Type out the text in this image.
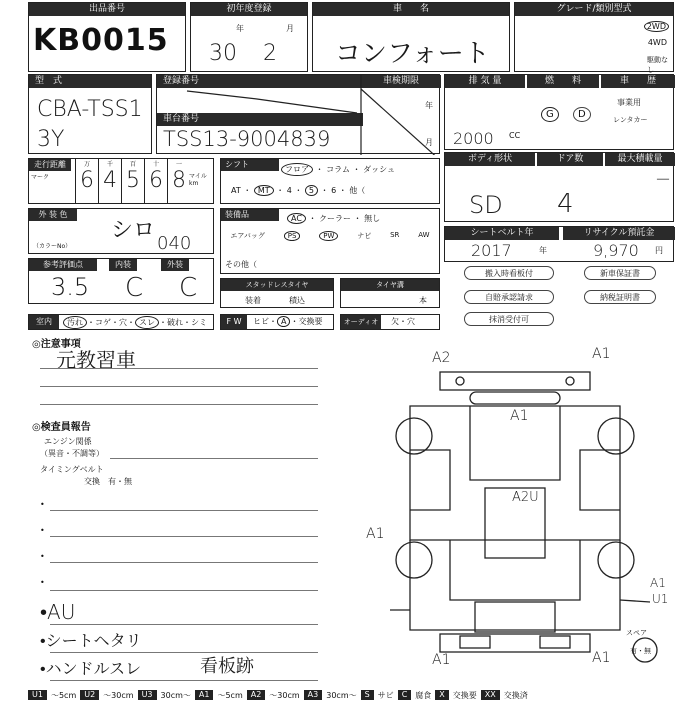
出品番号
KB0015
初年度登録
年	月
30 2
車　　名
コンフォート
グレード/類別型式
2WD
4WD
駆動なし
型　式
CBA-TSS13Y
登録番号	車検期限
車台番号
TSS13-9004839
年
月
排 気 量	燃　　料	車　　歴
2000 CC
G	D
事業用
レンタカー
走行距離
マーク
万
6
千
4
百
5
十
6
一
8 マイル km
シフト
フロア ・ コラム ・ ダッシュ
AT ・ MT ・ 4 ・ 5 ・ 6 ・ 他（
ボディ形状	ドア数	最大積載量
SD 4
－
外 装 色
シロ
（カラーNo）	040
装備品	AC ・ クーラー ・ 無し
エアバッグ	PS	PW	ナビ	SR	AW
その他（
シートベルト年	リサイクル預託金
2017	年	9,970 円
参考評価点	内装	外装
3.5 C C	搬入時看板付	新車保証書
自賠承認請求	納税証明書
抹消受付可
スタッドレスタイヤ
装着	積込
タイヤ溝
本
室内	汚れ ・コゲ・穴・ スレ ・破れ・シミ	F W	ヒビ・ A ・交換要	オーディオ	欠・穴
◎注意事項
元教習車
◎検査員報告
エンジン関係
（異音・不調等）
タイミングベルト
交換　有・無
•
•
•
•
•AU
•シートヘタリ
•ハンドルスレ	看板跡
A2	A1
A1
A2U
A1
A1
U1
A1	A1
スペア
有・無
U1	～5cm	U2	～30cm	U3	30cm～	A1	～5cm	A2	～30cm	A3	30cm～	S	サビ	C	腐食	X	交換要	XX	交換済
